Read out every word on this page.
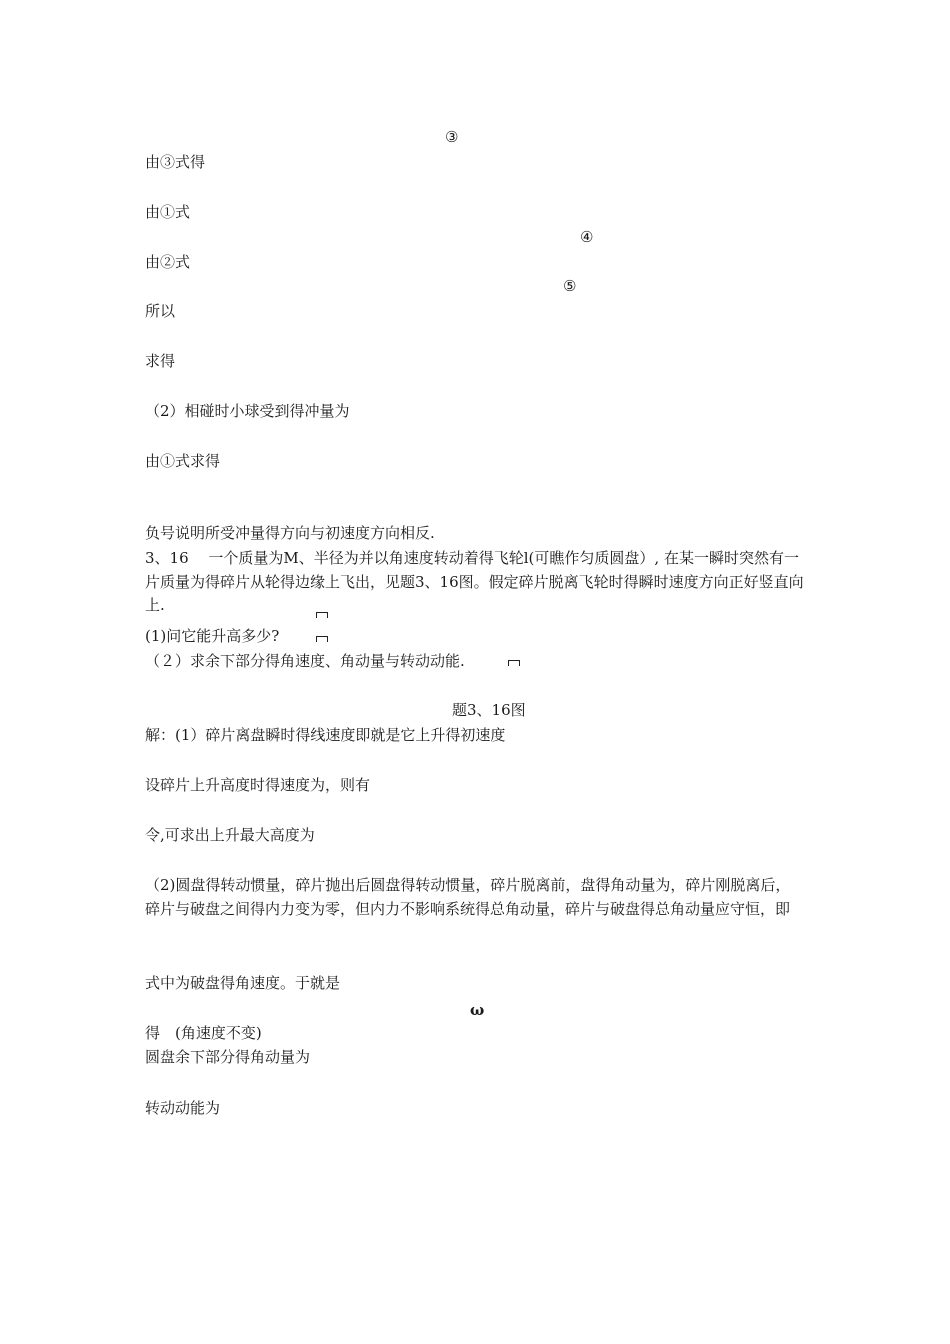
③
由③式得
由①式
④
由②式
⑤
所以
求得
（2）相碰时小球受到得冲量为
由①式求得
负号说明所受冲量得方向与初速度方向相反.
3、16　 一个质量为M、半径为并以角速度转动着得飞轮l(可瞧作匀质圆盘）, 在某一瞬时突然有一片质量为得碎片从轮得边缘上飞出，见题3、16图。假定碎片脱离飞轮时得瞬时速度方向正好竖直向上.
(1)问它能升高多少?
（２）求余下部分得角速度、角动量与转动动能.
题3、16图
解：(1）碎片离盘瞬时得线速度即就是它上升得初速度
设碎片上升高度时得速度为，则有
令,可求出上升最大高度为
（2)圆盘得转动惯量，碎片抛出后圆盘得转动惯量，碎片脱离前，盘得角动量为，碎片刚脱离后，碎片与破盘之间得内力变为零，但内力不影响系统得总角动量，碎片与破盘得总角动量应守恒，即
式中为破盘得角速度。于就是
ω
得　(角速度不变)
圆盘余下部分得角动量为
转动动能为
